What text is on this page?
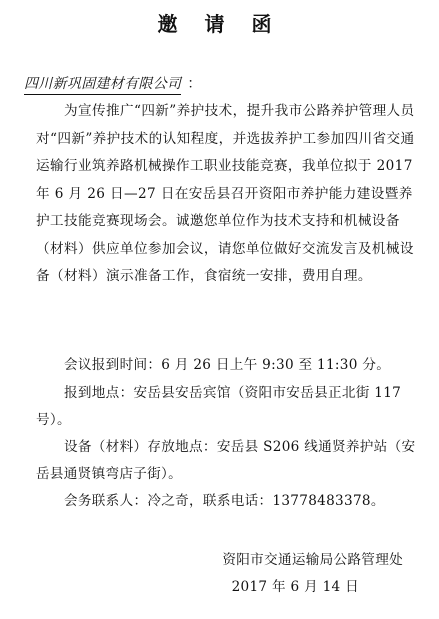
邀 请 函
四川新巩固建材有限公司 ：
为宣传推广“四新”养护技术，提升我市公路养护管理人员对“四新”养护技术的认知程度，并选拔养护工参加四川省交通运输行业筑养路机械操作工职业技能竞赛，我单位拟于 2017 年 6 月 26 日—27 日在安岳县召开资阳市养护能力建设暨养护工技能竞赛现场会。诚邀您单位作为技术支持和机械设备（材料）供应单位参加会议，请您单位做好交流发言及机械设备（材料）演示准备工作，食宿统一安排，费用自理。
会议报到时间：6 月 26 日上午 9:30 至 11:30 分。
报到地点：安岳县安岳宾馆（资阳市安岳县正北街 117 号）。
设备（材料）存放地点：安岳县 S206 线通贤养护站（安岳县通贤镇弯店子街）。
会务联系人：冷之奇，联系电话：13778483378。
资阳市交通运输局公路管理处
2017 年 6 月 14 日
